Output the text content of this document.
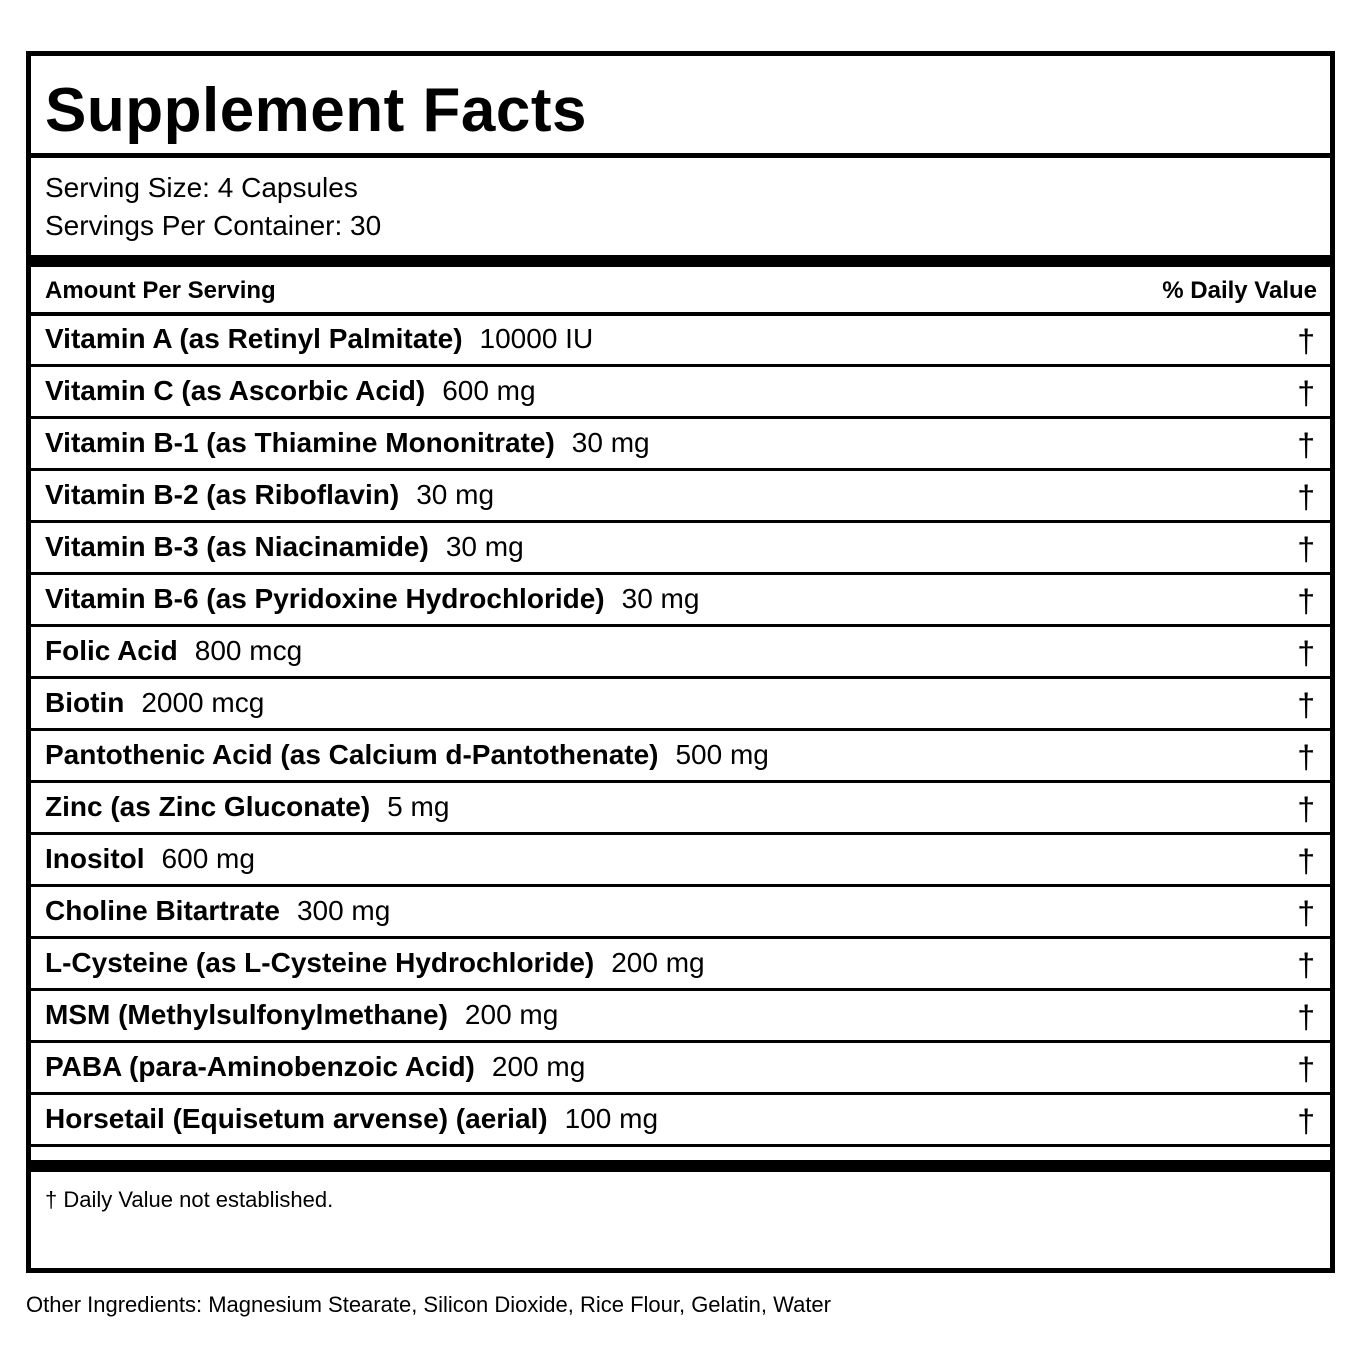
Supplement Facts
Serving Size: 4 Capsules
Servings Per Container: 30
Amount Per Serving	% Daily Value
Vitamin A (as Retinyl Palmitate) 10000 IU	†
Vitamin C (as Ascorbic Acid) 600 mg	†
Vitamin B-1 (as Thiamine Mononitrate) 30 mg	†
Vitamin B-2 (as Riboflavin) 30 mg	†
Vitamin B-3 (as Niacinamide) 30 mg	†
Vitamin B-6 (as Pyridoxine Hydrochloride) 30 mg	†
Folic Acid 800 mcg	†
Biotin 2000 mcg	†
Pantothenic Acid (as Calcium d-Pantothenate) 500 mg	†
Zinc (as Zinc Gluconate) 5 mg	†
Inositol 600 mg	†
Choline Bitartrate 300 mg	†
L-Cysteine (as L-Cysteine Hydrochloride) 200 mg	†
MSM (Methylsulfonylmethane) 200 mg	†
PABA (para-Aminobenzoic Acid) 200 mg	†
Horsetail (Equisetum arvense) (aerial) 100 mg	†
† Daily Value not established.
Other Ingredients: Magnesium Stearate, Silicon Dioxide, Rice Flour, Gelatin, Water
